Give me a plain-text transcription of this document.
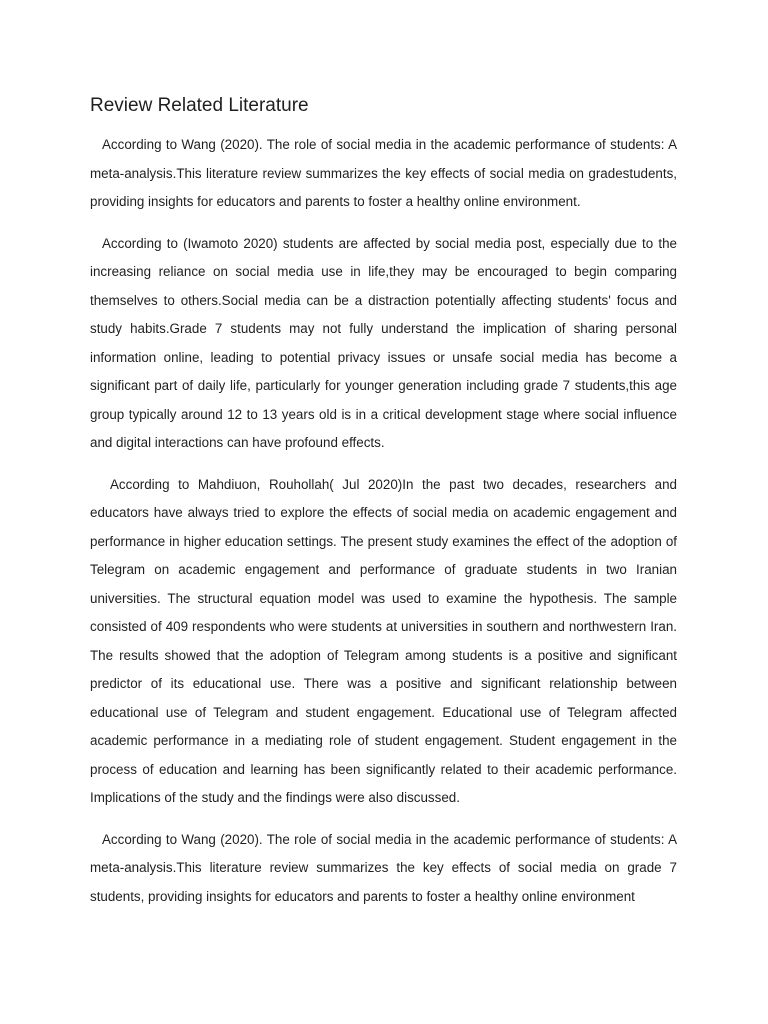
Review Related Literature

According to Wang (2020). The role of social media in the academic performance of students: A meta-analysis.This literature review summarizes the key effects of social media on gradestudents, providing insights for educators and parents to foster a healthy online environment.

According to (Iwamoto 2020) students are affected by social media post, especially due to the increasing reliance on social media use in life,they may be encouraged to begin comparing themselves to others.Social media can be a distraction potentially affecting students' focus and study habits.Grade 7 students may not fully understand the implication of sharing personal information online, leading to potential privacy issues or unsafe social media has become a significant part of daily life, particularly for younger generation including grade 7 students,this age group typically around 12 to 13 years old is in a critical development stage where social influence and digital interactions can have profound effects.

According to Mahdiuon, Rouhollah( Jul 2020)In the past two decades, researchers and educators have always tried to explore the effects of social media on academic engagement and performance in higher education settings. The present study examines the effect of the adoption of Telegram on academic engagement and performance of graduate students in two Iranian universities. The structural equation model was used to examine the hypothesis. The sample consisted of 409 respondents who were students at universities in southern and northwestern Iran. The results showed that the adoption of Telegram among students is a positive and significant predictor of its educational use. There was a positive and significant relationship between educational use of Telegram and student engagement. Educational use of Telegram affected academic performance in a mediating role of student engagement. Student engagement in the process of education and learning has been significantly related to their academic performance. Implications of the study and the findings were also discussed.

According to Wang (2020). The role of social media in the academic performance of students: A meta-analysis.This literature review summarizes the key effects of social media on grade 7 students, providing insights for educators and parents to foster a healthy online environment
